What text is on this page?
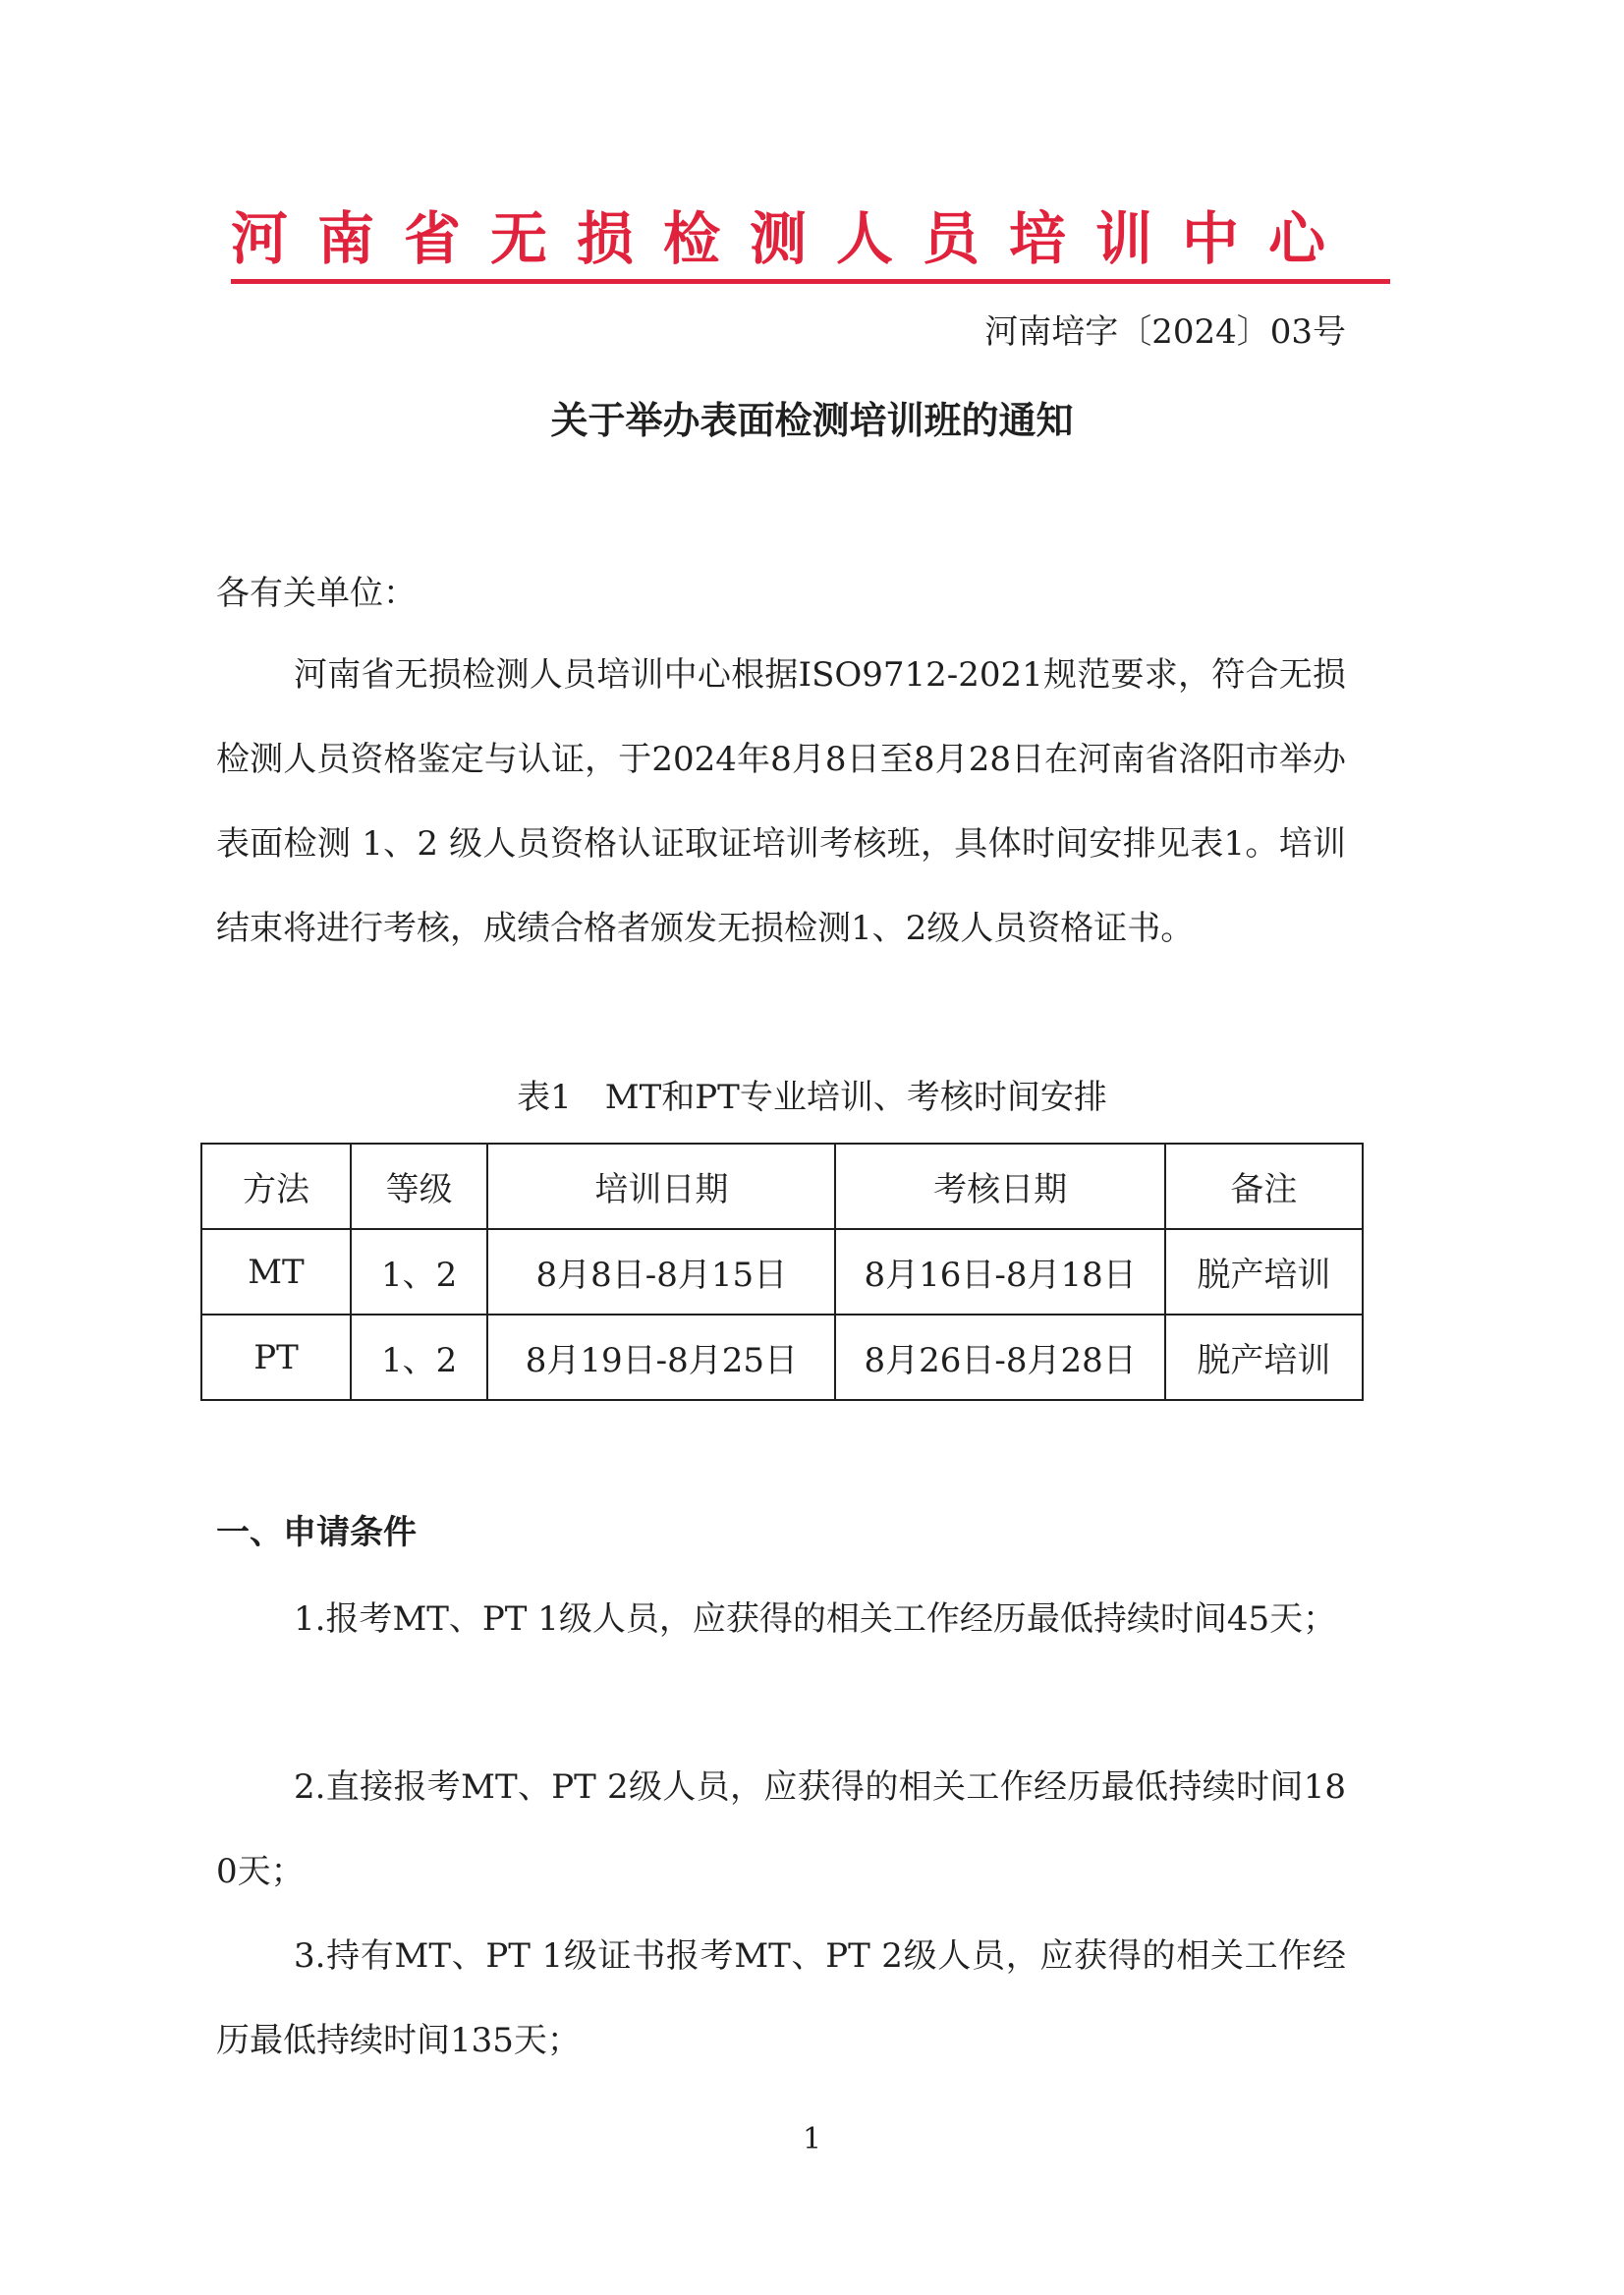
河南省无损检测人员培训中心
河南培字〔2024〕03号
关于举办表面检测培训班的通知
各有关单位：
河南省无损检测人员培训中心根据ISO9712-2021规范要求，符合无损检测人员资格鉴定与认证，于2024年8月8日至8月28日在河南省洛阳市举办表面检测 1、2 级人员资格认证取证培训考核班，具体时间安排见表1。培训结束将进行考核，成绩合格者颁发无损检测1、2级人员资格证书。
表1　MT和PT专业培训、考核时间安排
方法	等级	培训日期	考核日期	备注
MT	1、2	8月8日-8月15日	8月16日-8月18日	脱产培训
PT	1、2	8月19日-8月25日	8月26日-8月28日	脱产培训
一、申请条件
1.报考MT、PT 1级人员，应获得的相关工作经历最低持续时间45天；
2.直接报考MT、PT 2级人员，应获得的相关工作经历最低持续时间180天；
3.持有MT、PT 1级证书报考MT、PT 2级人员，应获得的相关工作经历最低持续时间135天；
1
